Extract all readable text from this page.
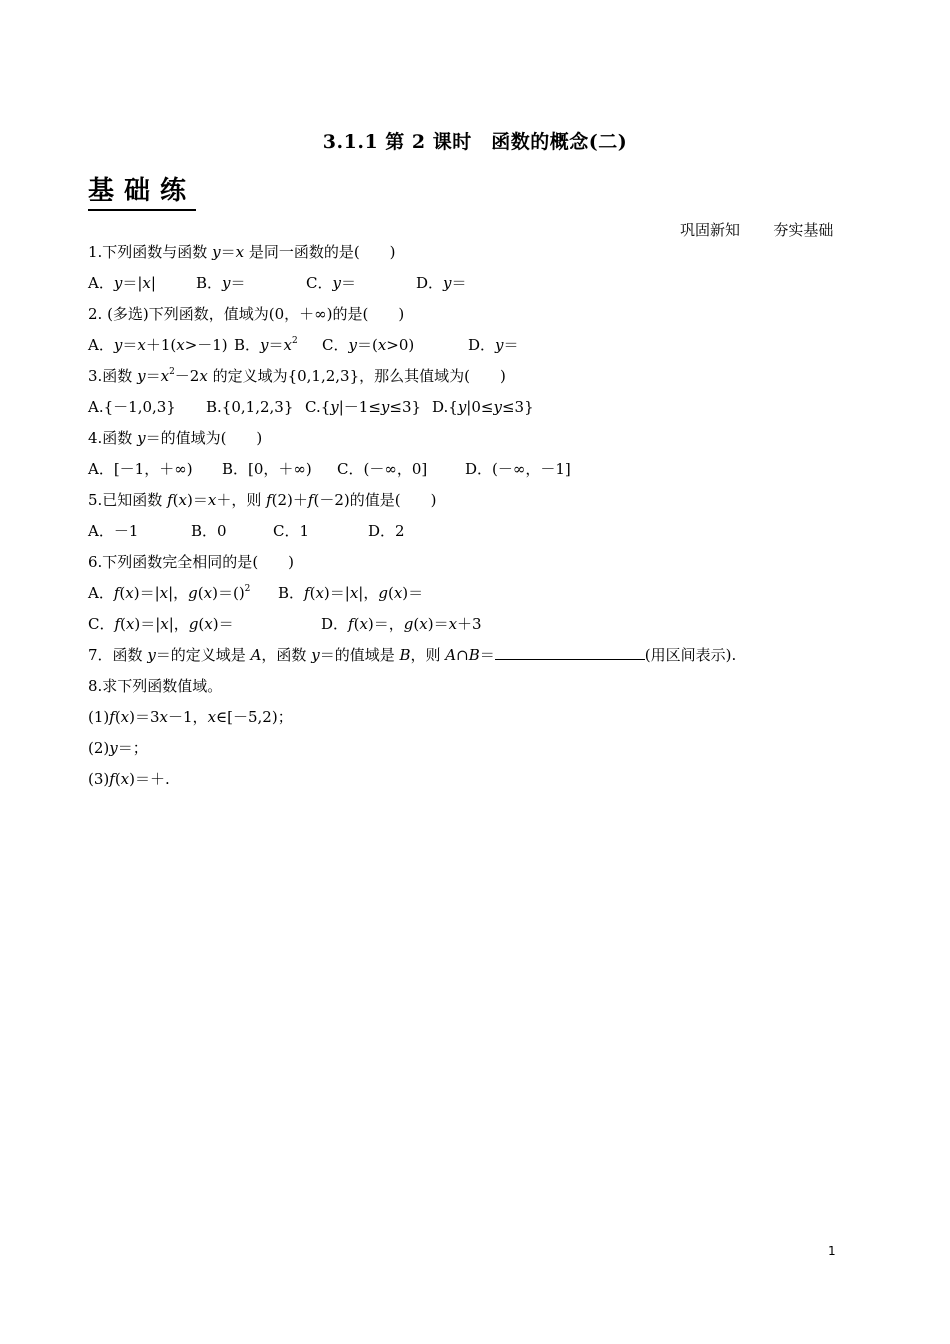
3.1.1 第 2 课时　函数的概念(二)
基础练
巩固新知       夯实基础
1.下列函数与函数 y＝x 是同一函数的是(　　)
A．y＝|x|	B．y＝	C．y＝	D．y＝
2. (多选)下列函数，值域为(0，＋∞)的是(　　)
A．y＝x＋1(x>－1) B．$y=x^2$ C．y＝(x>0)	D．y＝
3.函数 $y=x^2-2x$ 的定义域为{0,1,2,3}，那么其值域为(　　)
A.{－1,0,3} B.{0,1,2,3} C.{y|－1≤y≤3} D.{y|0≤y≤3}
4.函数 y＝的值域为(　　)
A．[－1，＋∞) B．[0，＋∞) C．(－∞，0]	D．(－∞，－1]
5.已知函数 f(x)＝x＋，则 f(2)＋f(－2)的值是(　　)
A．－1	B．0	C．1	D．2
6.下列函数完全相同的是(　　)
A．f(x)＝|x|，g(x)＝()$^2$ B．f(x)＝|x|，g(x)＝
C．f(x)＝|x|，g(x)＝	D．f(x)＝，g(x)＝x＋3
7．函数 y＝的定义域是 A，函数 y＝的值域是 B，则 A∩B＝	(用区间表示).
8.求下列函数值域。
(1)f(x)＝3x－1，x∈[－5,2)；
(2)y＝；
(3)f(x)＝＋.
1
